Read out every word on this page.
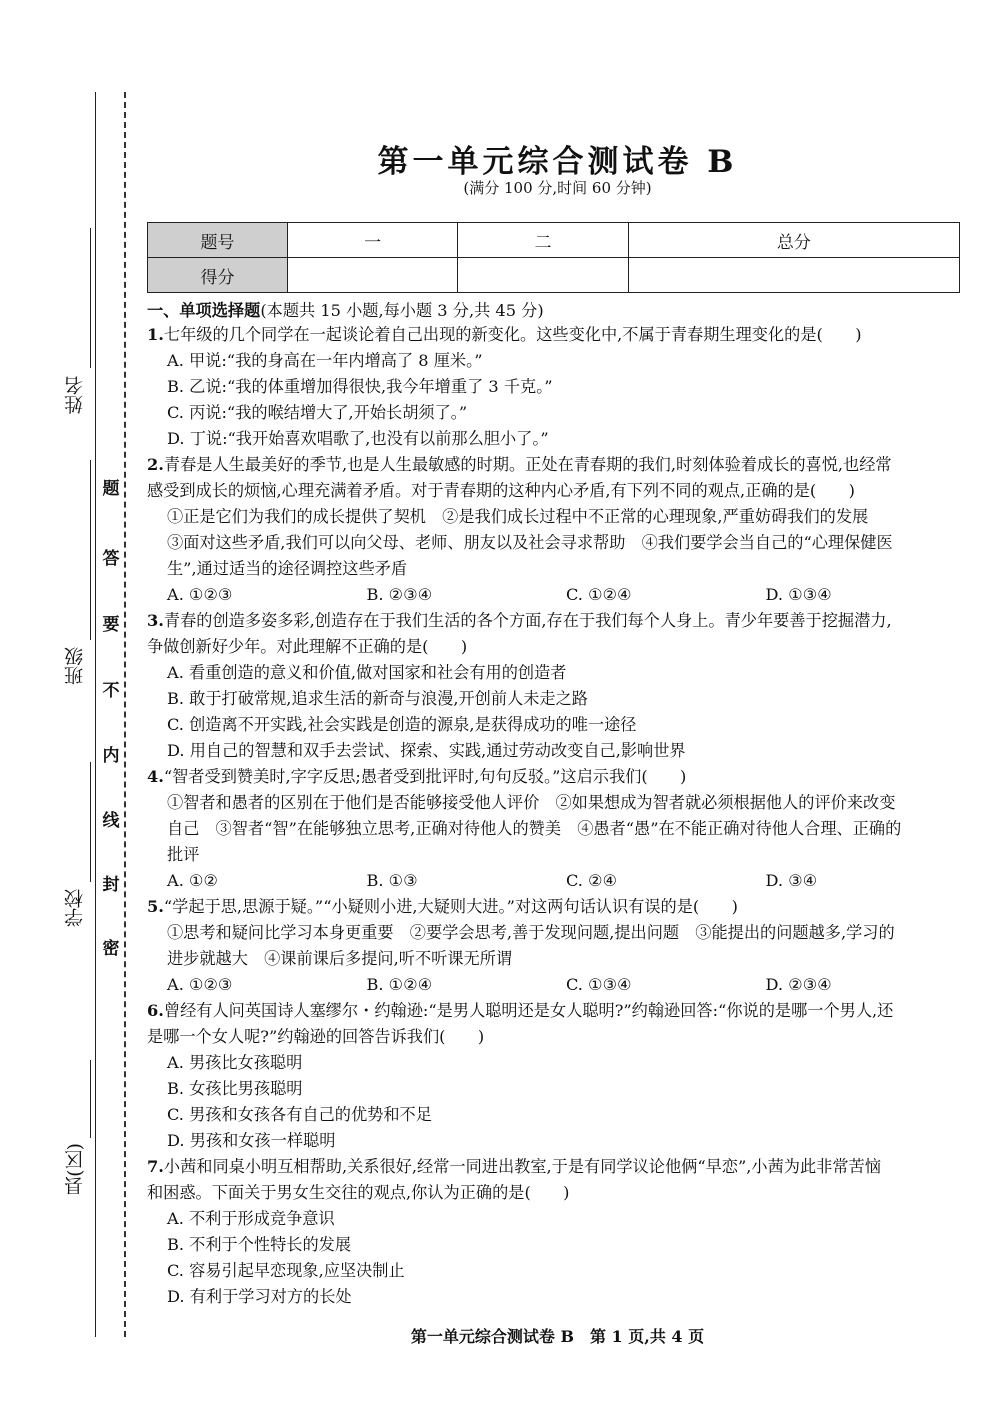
姓名
班级
学校
县(区)
题
答
要
不
内
线
封
密
第一单元综合测试卷 B
(满分 100 分,时间 60 分钟)
题号	一	二	总分
得分			
一、单项选择题(本题共 15 小题,每小题 3 分,共 45 分)
1.七年级的几个同学在一起谈论着自己出现的新变化。这些变化中,不属于青春期生理变化的是(　　)
A. 甲说:“我的身高在一年内增高了 8 厘米。”
B. 乙说:“我的体重增加得很快,我今年增重了 3 千克。”
C. 丙说:“我的喉结增大了,开始长胡须了。”
D. 丁说:“我开始喜欢唱歌了,也没有以前那么胆小了。”
2.青春是人生最美好的季节,也是人生最敏感的时期。正处在青春期的我们,时刻体验着成长的喜悦,也经常
感受到成长的烦恼,心理充满着矛盾。对于青春期的这种内心矛盾,有下列不同的观点,正确的是(　　)
①正是它们为我们的成长提供了契机　②是我们成长过程中不正常的心理现象,严重妨碍我们的发展
③面对这些矛盾,我们可以向父母、老师、朋友以及社会寻求帮助　④我们要学会当自己的“心理保健医
生”,通过适当的途径调控这些矛盾
A. ①②③	B. ②③④	C. ①②④	D. ①③④
3.青春的创造多姿多彩,创造存在于我们生活的各个方面,存在于我们每个人身上。青少年要善于挖掘潜力,
争做创新好少年。对此理解不正确的是(　　)
A. 看重创造的意义和价值,做对国家和社会有用的创造者
B. 敢于打破常规,追求生活的新奇与浪漫,开创前人未走之路
C. 创造离不开实践,社会实践是创造的源泉,是获得成功的唯一途径
D. 用自己的智慧和双手去尝试、探索、实践,通过劳动改变自己,影响世界
4.“智者受到赞美时,字字反思;愚者受到批评时,句句反驳。”这启示我们(　　)
①智者和愚者的区别在于他们是否能够接受他人评价　②如果想成为智者就必须根据他人的评价来改变
自己　③智者“智”在能够独立思考,正确对待他人的赞美　④愚者“愚”在不能正确对待他人合理、正确的
批评
A. ①②	B. ①③	C. ②④	D. ③④
5.“学起于思,思源于疑。”“小疑则小进,大疑则大进。”对这两句话认识有误的是(　　)
①思考和疑问比学习本身更重要　②要学会思考,善于发现问题,提出问题　③能提出的问题越多,学习的
进步就越大　④课前课后多提问,听不听课无所谓
A. ①②③	B. ①②④	C. ①③④	D. ②③④
6.曾经有人问英国诗人塞缪尔・约翰逊:“是男人聪明还是女人聪明?”约翰逊回答:“你说的是哪一个男人,还
是哪一个女人呢?”约翰逊的回答告诉我们(　　)
A. 男孩比女孩聪明
B. 女孩比男孩聪明
C. 男孩和女孩各有自己的优势和不足
D. 男孩和女孩一样聪明
7.小茜和同桌小明互相帮助,关系很好,经常一同进出教室,于是有同学议论他俩“早恋”,小茜为此非常苦恼
和困惑。下面关于男女生交往的观点,你认为正确的是(　　)
A. 不利于形成竞争意识
B. 不利于个性特长的发展
C. 容易引起早恋现象,应坚决制止
D. 有利于学习对方的长处
第一单元综合测试卷 B　第 1 页,共 4 页
